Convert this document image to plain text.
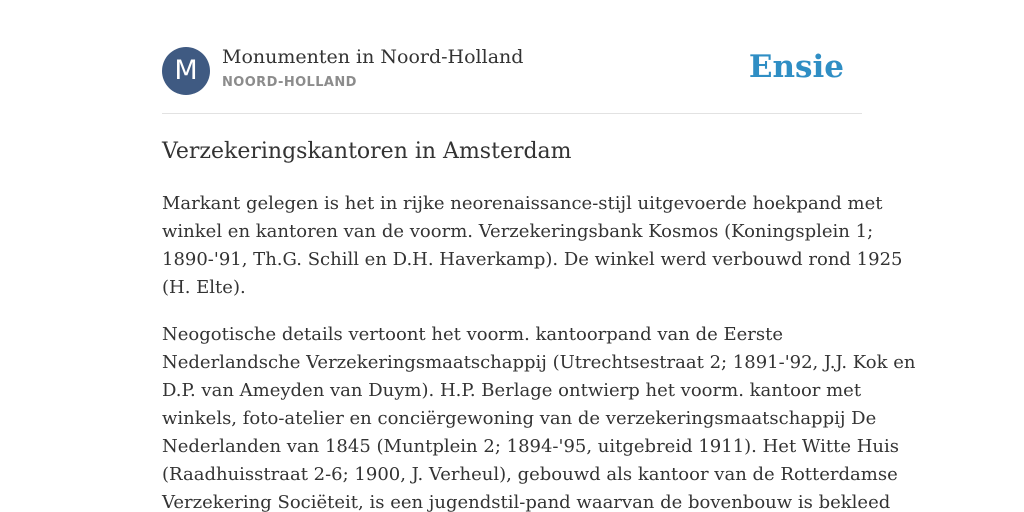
M	Monumenten in Noord-Holland
NOORD-HOLLAND	Ensie
Verzekeringskantoren in Amsterdam
Markant gelegen is het in rijke neorenaissance-stijl uitgevoerde hoekpand met
winkel en kantoren van de voorm. Verzekeringsbank Kosmos (Koningsplein 1;
1890-'91, Th.G. Schill en D.H. Haverkamp). De winkel werd verbouwd rond 1925
(H. Elte).
Neogotische details vertoont het voorm. kantoorpand van de Eerste
Nederlandsche Verzekeringsmaatschappij (Utrechtsestraat 2; 1891-'92, J.J. Kok en
D.P. van Ameyden van Duym). H.P. Berlage ontwierp het voorm. kantoor met
winkels, foto-atelier en conciërgewoning van de verzekeringsmaatschappij De
Nederlanden van 1845 (Muntplein 2; 1894-'95, uitgebreid 1911). Het Witte Huis
(Raadhuisstraat 2-6; 1900, J. Verheul), gebouwd als kantoor van de Rotterdamse
Verzekering Sociëteit, is een jugendstil-pand waarvan de bovenbouw is bekleed
